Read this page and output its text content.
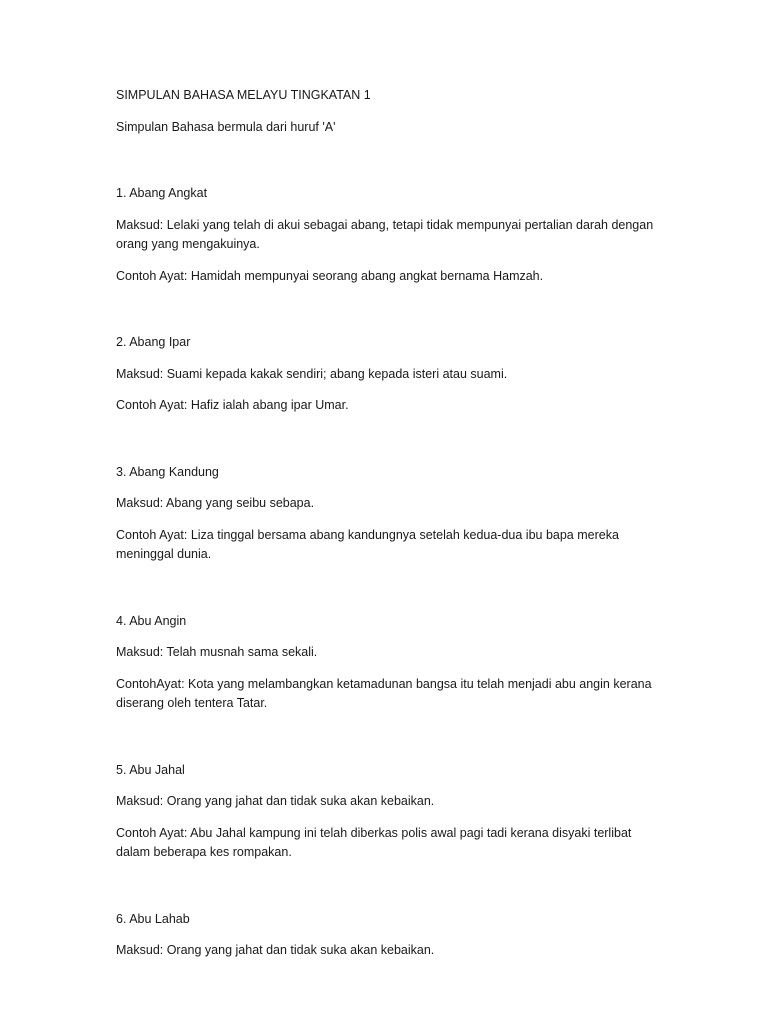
SIMPULAN BAHASA MELAYU TINGKATAN 1

Simpulan Bahasa bermula dari huruf 'A'

1. Abang Angkat

Maksud: Lelaki yang telah di akui sebagai abang, tetapi tidak mempunyai pertalian darah dengan orang yang mengakuinya.

Contoh Ayat: Hamidah mempunyai seorang abang angkat bernama Hamzah.

2. Abang Ipar

Maksud: Suami kepada kakak sendiri; abang kepada isteri atau suami.

Contoh Ayat: Hafiz ialah abang ipar Umar.

3. Abang Kandung

Maksud: Abang yang seibu sebapa.

Contoh Ayat: Liza tinggal bersama abang kandungnya setelah kedua-dua ibu bapa mereka meninggal dunia.

4. Abu Angin

Maksud: Telah musnah sama sekali.

ContohAyat: Kota yang melambangkan ketamadunan bangsa itu telah menjadi abu angin kerana diserang oleh tentera Tatar.

5. Abu Jahal

Maksud: Orang yang jahat dan tidak suka akan kebaikan.

Contoh Ayat: Abu Jahal kampung ini telah diberkas polis awal pagi tadi kerana disyaki terlibat dalam beberapa kes rompakan.

6. Abu Lahab

Maksud: Orang yang jahat dan tidak suka akan kebaikan.
